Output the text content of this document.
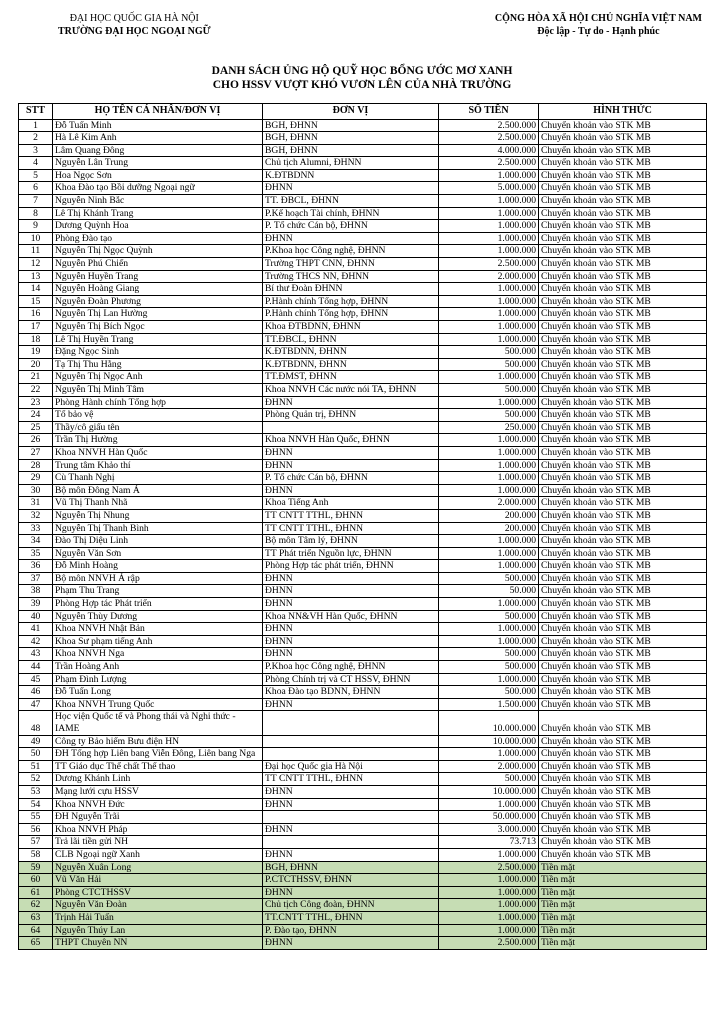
ĐẠI HỌC QUỐC GIA HÀ NỘI
TRƯỜNG ĐẠI HỌC NGOẠI NGỮ
CỘNG HÒA XÃ HỘI CHỦ NGHĨA VIỆT NAM
Độc lập - Tự do - Hạnh phúc
DANH SÁCH ỦNG HỘ QUỸ HỌC BỔNG ƯỚC MƠ XANH
CHO HSSV VƯỢT KHÓ VƯƠN LÊN CỦA NHÀ TRƯỜNG
STT	HỌ TÊN CÁ NHÂN/ĐƠN VỊ	ĐƠN VỊ	SỐ TIỀN	HÌNH THỨC
1	Đỗ Tuấn Minh	BGH, ĐHNN	2.500.000	Chuyển khoản vào STK MB
2	Hà Lê Kim Anh	BGH, ĐHNN	2.500.000	Chuyển khoản vào STK MB
3	Lâm Quang Đông	BGH, ĐHNN	4.000.000	Chuyển khoản vào STK MB
4	Nguyễn Lân Trung	Chủ tịch Alumni, ĐHNN	2.500.000	Chuyển khoản vào STK MB
5	Hoa Ngọc Sơn	K.ĐTBDNN	1.000.000	Chuyển khoản vào STK MB
6	Khoa Đào tạo Bồi dưỡng Ngoại ngữ	ĐHNN	5.000.000	Chuyển khoản vào STK MB
7	Nguyễn Ninh Bắc	TT. ĐBCL, ĐHNN	1.000.000	Chuyển khoản vào STK MB
8	Lê Thị Khánh Trang	P.Kế hoạch Tài chính, ĐHNN	1.000.000	Chuyển khoản vào STK MB
9	Dương Quỳnh Hoa	P. Tổ chức Cán bộ, ĐHNN	1.000.000	Chuyển khoản vào STK MB
10	Phòng Đào tạo	ĐHNN	1.000.000	Chuyển khoản vào STK MB
11	Nguyễn Thị Ngọc Quỳnh	P.Khoa học Công nghệ, ĐHNN	1.000.000	Chuyển khoản vào STK MB
12	Nguyễn Phú Chiến	Trường THPT CNN, ĐHNN	2.500.000	Chuyển khoản vào STK MB
13	Nguyễn Huyền Trang	Trường THCS NN, ĐHNN	2.000.000	Chuyển khoản vào STK MB
14	Nguyễn Hoàng Giang	Bí thư Đoàn ĐHNN	1.000.000	Chuyển khoản vào STK MB
15	Nguyễn Đoàn Phương	P.Hành chính Tổng hợp, ĐHNN	1.000.000	Chuyển khoản vào STK MB
16	Nguyễn Thị Lan Hường	P.Hành chính Tổng hợp, ĐHNN	1.000.000	Chuyển khoản vào STK MB
17	Nguyễn Thị Bích Ngọc	Khoa ĐTBDNN, ĐHNN	1.000.000	Chuyển khoản vào STK MB
18	Lê Thị Huyền Trang	TT.ĐBCL, ĐHNN	1.000.000	Chuyển khoản vào STK MB
19	Đặng Ngọc Sinh	K.ĐTBDNN, ĐHNN	500.000	Chuyển khoản vào STK MB
20	Tạ Thị Thu Hằng	K.ĐTBDNN, ĐHNN	500.000	Chuyển khoản vào STK MB
21	Nguyễn Thị Ngọc Anh	TT.ĐMST, ĐHNN	1.000.000	Chuyển khoản vào STK MB
22	Nguyễn Thị Minh Tâm	Khoa NNVH Các nước nói TA, ĐHNN	500.000	Chuyển khoản vào STK MB
23	Phòng Hành chính Tổng hợp	ĐHNN	1.000.000	Chuyển khoản vào STK MB
24	Tổ bảo vệ	Phòng Quản trị, ĐHNN	500.000	Chuyển khoản vào STK MB
25	Thầy/cô giấu tên		250.000	Chuyển khoản vào STK MB
26	Trần Thị Hường	Khoa NNVH Hàn Quốc, ĐHNN	1.000.000	Chuyển khoản vào STK MB
27	Khoa NNVH Hàn Quốc	ĐHNN	1.000.000	Chuyển khoản vào STK MB
28	Trung tâm Khảo thí	ĐHNN	1.000.000	Chuyển khoản vào STK MB
29	Cù Thanh Nghị	P. Tổ chức Cán bộ, ĐHNN	1.000.000	Chuyển khoản vào STK MB
30	Bộ môn Đông Nam Á	ĐHNN	1.000.000	Chuyển khoản vào STK MB
31	Vũ Thị Thanh Nhã	Khoa Tiếng Anh	2.000.000	Chuyển khoản vào STK MB
32	Nguyễn Thị Nhung	TT CNTT TTHL, ĐHNN	200.000	Chuyển khoản vào STK MB
33	Nguyễn Thị Thanh Bình	TT CNTT TTHL, ĐHNN	200.000	Chuyển khoản vào STK MB
34	Đào Thị Diệu Linh	Bộ môn Tâm lý, ĐHNN	1.000.000	Chuyển khoản vào STK MB
35	Nguyễn Văn Sơn	TT Phát triển Nguồn lực, ĐHNN	1.000.000	Chuyển khoản vào STK MB
36	Đỗ Minh Hoàng	Phòng Hợp tác phát triển, ĐHNN	1.000.000	Chuyển khoản vào STK MB
37	Bộ môn NNVH Ả rập	ĐHNN	500.000	Chuyển khoản vào STK MB
38	Phạm Thu Trang	ĐHNN	50.000	Chuyển khoản vào STK MB
39	Phòng Hợp tác Phát triển	ĐHNN	1.000.000	Chuyển khoản vào STK MB
40	Nguyễn Thùy Dương	Khoa NN&VH Hàn Quốc, ĐHNN	500.000	Chuyển khoản vào STK MB
41	Khoa NNVH Nhật Bản	ĐHNN	1.000.000	Chuyển khoản vào STK MB
42	Khoa Sư phạm tiếng Anh	ĐHNN	1.000.000	Chuyển khoản vào STK MB
43	Khoa NNVH Nga	ĐHNN	500.000	Chuyển khoản vào STK MB
44	Trần Hoàng Anh	P.Khoa học Công nghệ, ĐHNN	500.000	Chuyển khoản vào STK MB
45	Phạm Đình Lượng	Phòng Chính trị và CT HSSV, ĐHNN	1.000.000	Chuyển khoản vào STK MB
46	Đỗ Tuấn Long	Khoa Đào tạo BDNN, ĐHNN	500.000	Chuyển khoản vào STK MB
47	Khoa NNVH Trung Quốc	ĐHNN	1.500.000	Chuyển khoản vào STK MB
48	Học viện Quốc tế và Phong thái và Nghi thức - IAME		10.000.000	Chuyển khoản vào STK MB
49	Công ty Bảo hiểm Bưu điện HN		10.000.000	Chuyển khoản vào STK MB
50	ĐH Tổng hợp Liên bang Viễn Đông, Liên bang Nga		1.000.000	Chuyển khoản vào STK MB
51	TT Giáo dục Thể chất Thể thao	Đại học Quốc gia Hà Nội	2.000.000	Chuyển khoản vào STK MB
52	Dương Khánh Linh	TT CNTT TTHL, ĐHNN	500.000	Chuyển khoản vào STK MB
53	Mạng lưới cựu HSSV	ĐHNN	10.000.000	Chuyển khoản vào STK MB
54	Khoa NNVH Đức	ĐHNN	1.000.000	Chuyển khoản vào STK MB
55	ĐH Nguyễn Trãi		50.000.000	Chuyển khoản vào STK MB
56	Khoa NNVH Pháp	ĐHNN	3.000.000	Chuyển khoản vào STK MB
57	Trả lãi tiền gửi NH		73.713	Chuyển khoản vào STK MB
58	CLB Ngoại ngữ Xanh	ĐHNN	1.000.000	Chuyển khoản vào STK MB
59	Nguyễn Xuân Long	BGH, ĐHNN	2.500.000	Tiền mặt
60	Vũ Văn Hải	P.CTCTHSSV, ĐHNN	1.000.000	Tiền mặt
61	Phòng CTCTHSSV	ĐHNN	1.000.000	Tiền mặt
62	Nguyễn Văn Đoàn	Chủ tịch Công đoàn, ĐHNN	1.000.000	Tiền mặt
63	Trịnh Hải Tuấn	TT.CNTT TTHL, ĐHNN	1.000.000	Tiền mặt
64	Nguyễn Thúy Lan	P. Đào tạo, ĐHNN	1.000.000	Tiền mặt
65	THPT Chuyên NN	ĐHNN	2.500.000	Tiền mặt
